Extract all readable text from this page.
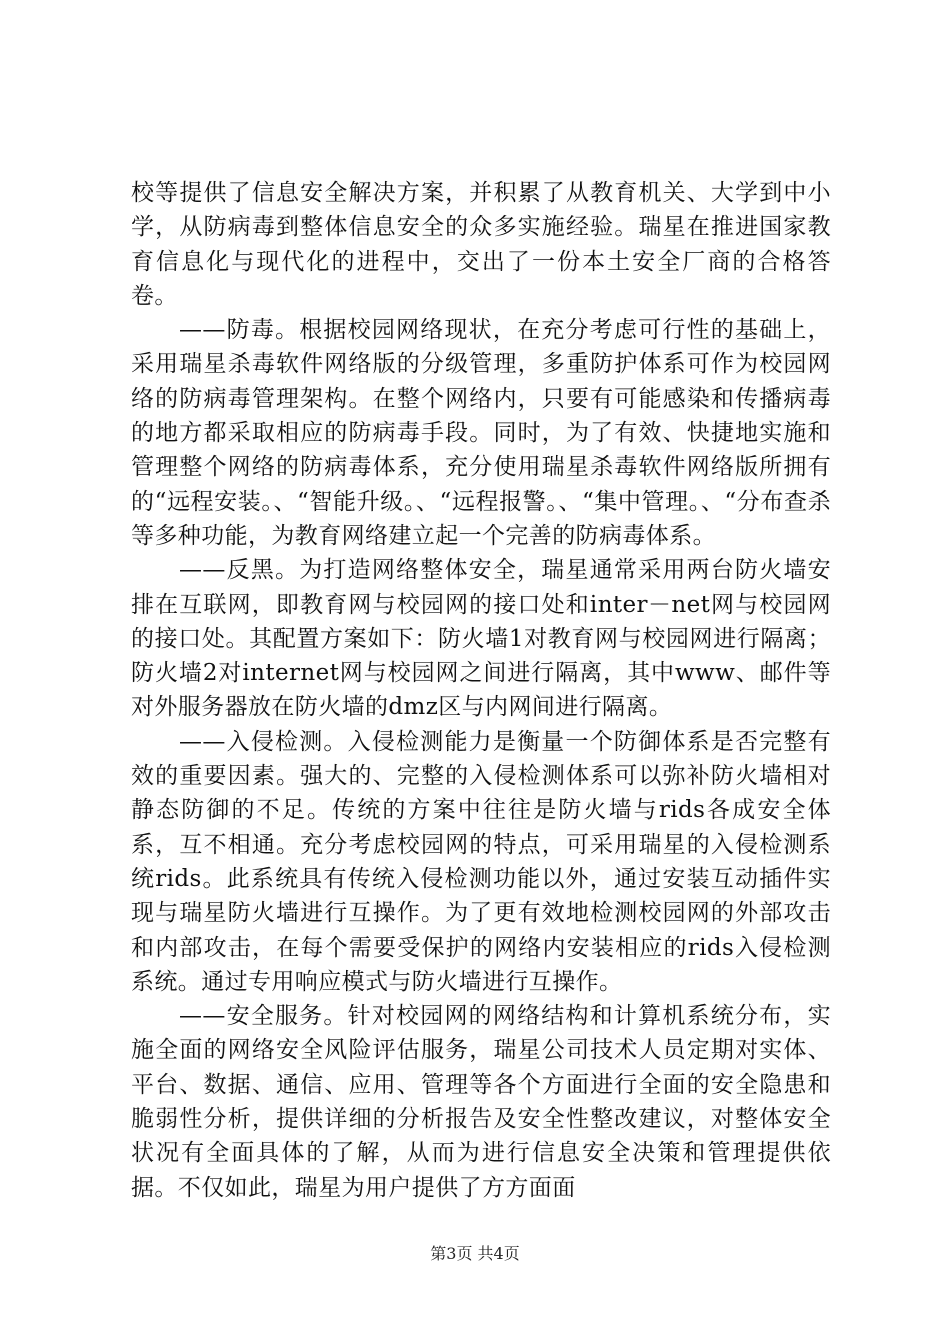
校等提供了信息安全解决方案，并积累了从教育机关、大学到中小学，从防病毒到整体信息安全的众多实施经验。瑞星在推进国家教育信息化与现代化的进程中，交出了一份本土安全厂商的合格答卷。

——防毒。根据校园网络现状，在充分考虑可行性的基础上，采用瑞星杀毒软件网络版的分级管理，多重防护体系可作为校园网络的防病毒管理架构。在整个网络内，只要有可能感染和传播病毒的地方都采取相应的防病毒手段。同时，为了有效、快捷地实施和管理整个网络的防病毒体系，充分使用瑞星杀毒软件网络版所拥有的“远程安装。、“智能升级。、“远程报警。、“集中管理。、“分布查杀等多种功能，为教育网络建立起一个完善的防病毒体系。

——反黑。为打造网络整体安全，瑞星通常采用两台防火墙安排在互联网，即教育网与校园网的接口处和inter－net网与校园网的接口处。其配置方案如下：防火墙1对教育网与校园网进行隔离；防火墙2对internet网与校园网之间进行隔离，其中www、邮件等对外服务器放在防火墙的dmz区与内网间进行隔离。

——入侵检测。入侵检测能力是衡量一个防御体系是否完整有效的重要因素。强大的、完整的入侵检测体系可以弥补防火墙相对静态防御的不足。传统的方案中往往是防火墙与rids各成安全体系，互不相通。充分考虑校园网的特点，可采用瑞星的入侵检测系统rids。此系统具有传统入侵检测功能以外，通过安装互动插件实现与瑞星防火墙进行互操作。为了更有效地检测校园网的外部攻击和内部攻击，在每个需要受保护的网络内安装相应的rids入侵检测系统。通过专用响应模式与防火墙进行互操作。

——安全服务。针对校园网的网络结构和计算机系统分布，实施全面的网络安全风险评估服务，瑞星公司技术人员定期对实体、平台、数据、通信、应用、管理等各个方面进行全面的安全隐患和脆弱性分析，提供详细的分析报告及安全性整改建议，对整体安全状况有全面具体的了解，从而为进行信息安全决策和管理提供依据。不仅如此，瑞星为用户提供了方方面面

第3页 共4页
